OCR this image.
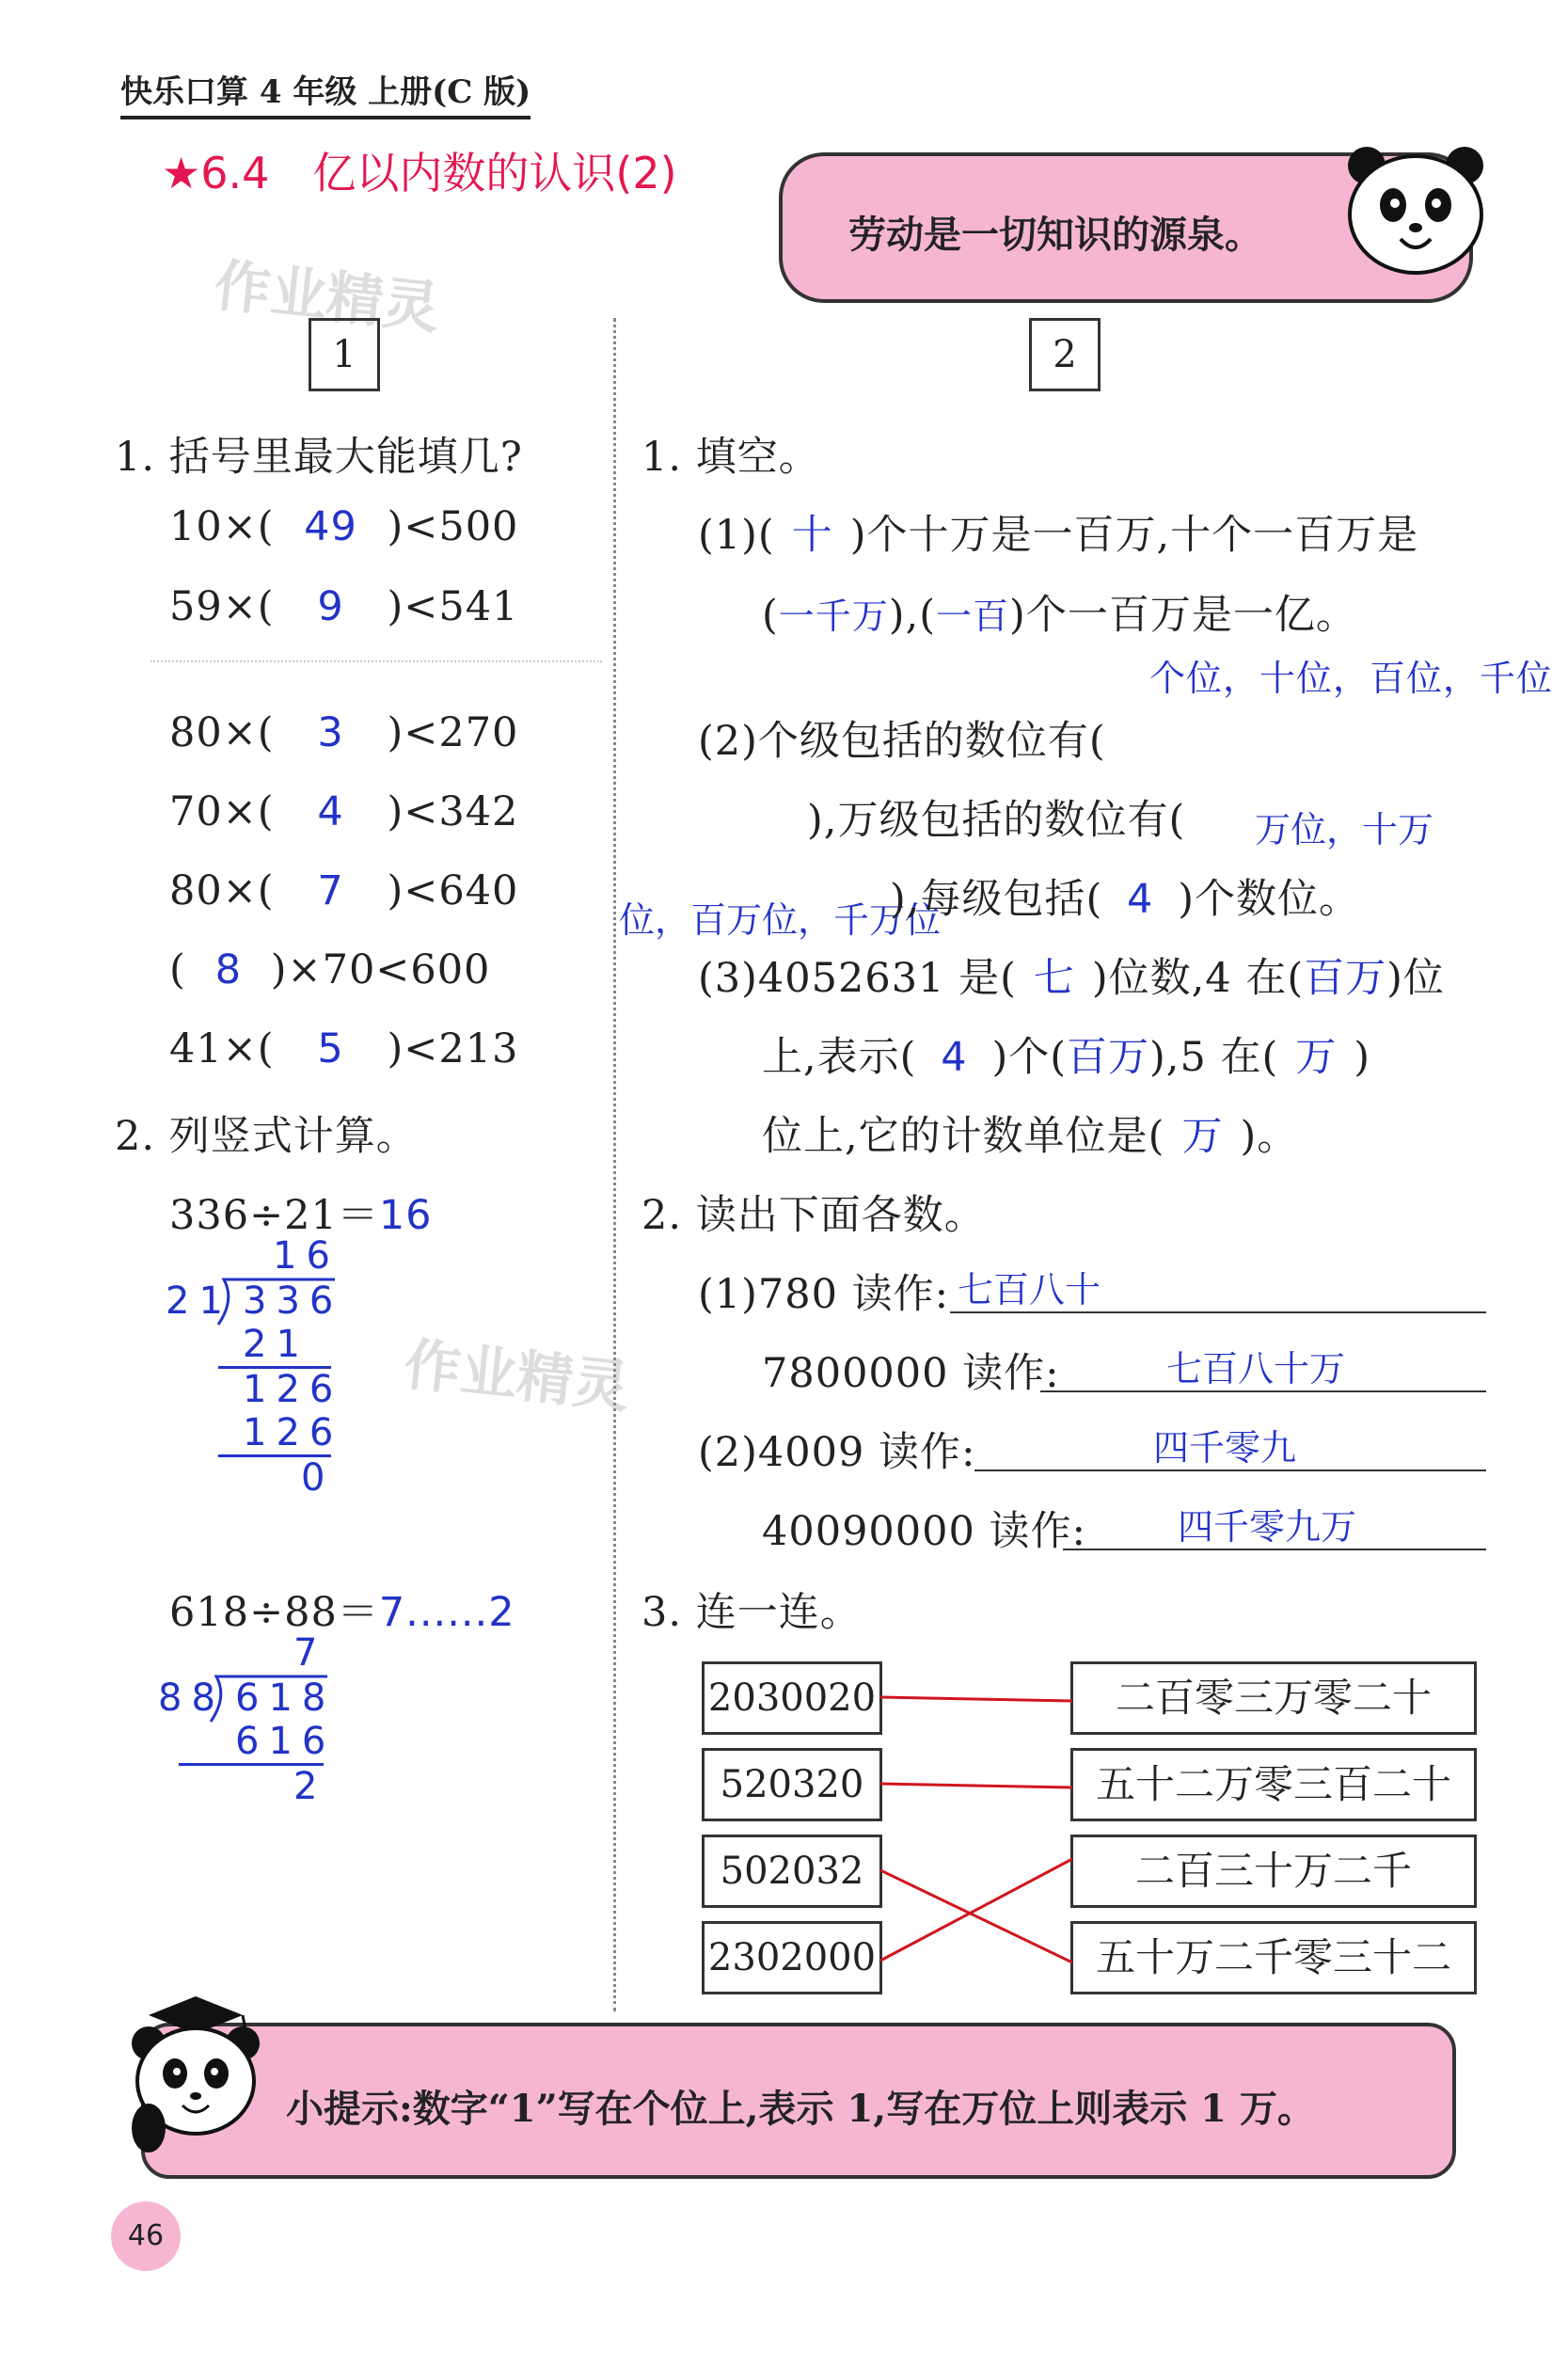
快乐口算 4 年级 上册(C 版)
★6.4　亿以内数的认识(2)
劳动是一切知识的源泉。
作业精灵
作业精灵
1	2
1. 括号里最大能填几?
10×( 49 )<500
59×( 9 )<541
80×( 3 )<270
70×( 4 )<342
80×( 7 )<640
( 8 )×70<600
41×( 5 )<213
2. 列竖式计算。
336÷21＝16
16
21 336
21
126
126
0
618÷88＝7......2
7
88 618
616
2
1. 填空。
(1)( 十 )个十万是一百万,十个一百万是
(一千万),(一百)个一百万是一亿。
(2)个级包括的数位有(
个位，十位，百位，千位
),万级包括的数位有(	万位，十万位，百万位，千万位
),每级包括( 4 )个数位。
(3)4052631 是( 七 )位数,4 在(百万)位
上,表示( 4 )个(百万),5 在( 万 )
位上,它的计数单位是( 万 )。
2. 读出下面各数。
(1)780 读作: 七百八十
7800000 读作:	七百八十万
(2)4009 读作:	四千零九
40090000 读作:	四千零九万
3. 连一连。
2030020
520320
502032
2302000
二百零三万零二十
五十二万零三百二十
二百三十万二千
五十万二千零三十二
小提示:数字“1”写在个位上,表示 1,写在万位上则表示 1 万。
46
